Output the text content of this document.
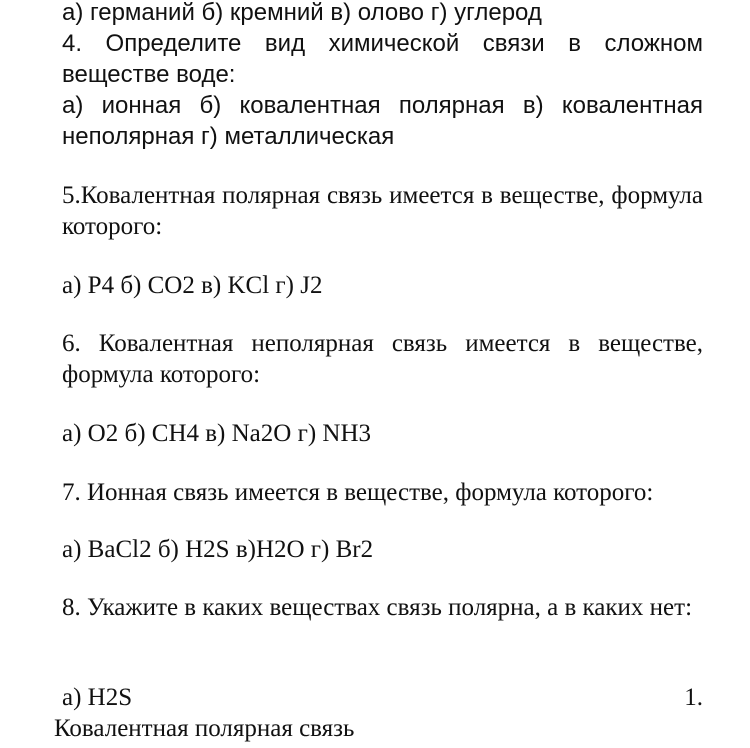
а) германий б) кремний в) олово г) углерод

4. Определите вид химической связи в сложном веществе воде:

а) ионная б) ковалентная полярная в) ковалентная неполярная г) металлическая

5.Ковалентная полярная связь имеется в веществе, формула которого:

а) P4 б) CO2 в) KCl г) J2

6. Ковалентная неполярная связь имеется в веществе, формула которого:

а) O2 б) CH4 в) Na2O г) NH3

7. Ионная связь имеется в веществе, формула которого:

а) BaCl2 б) H2S в)H2O г) Br2

8. Укажите в каких веществах связь полярна, а в каких нет:

а) H2S	1.

Ковалентная полярная связь
